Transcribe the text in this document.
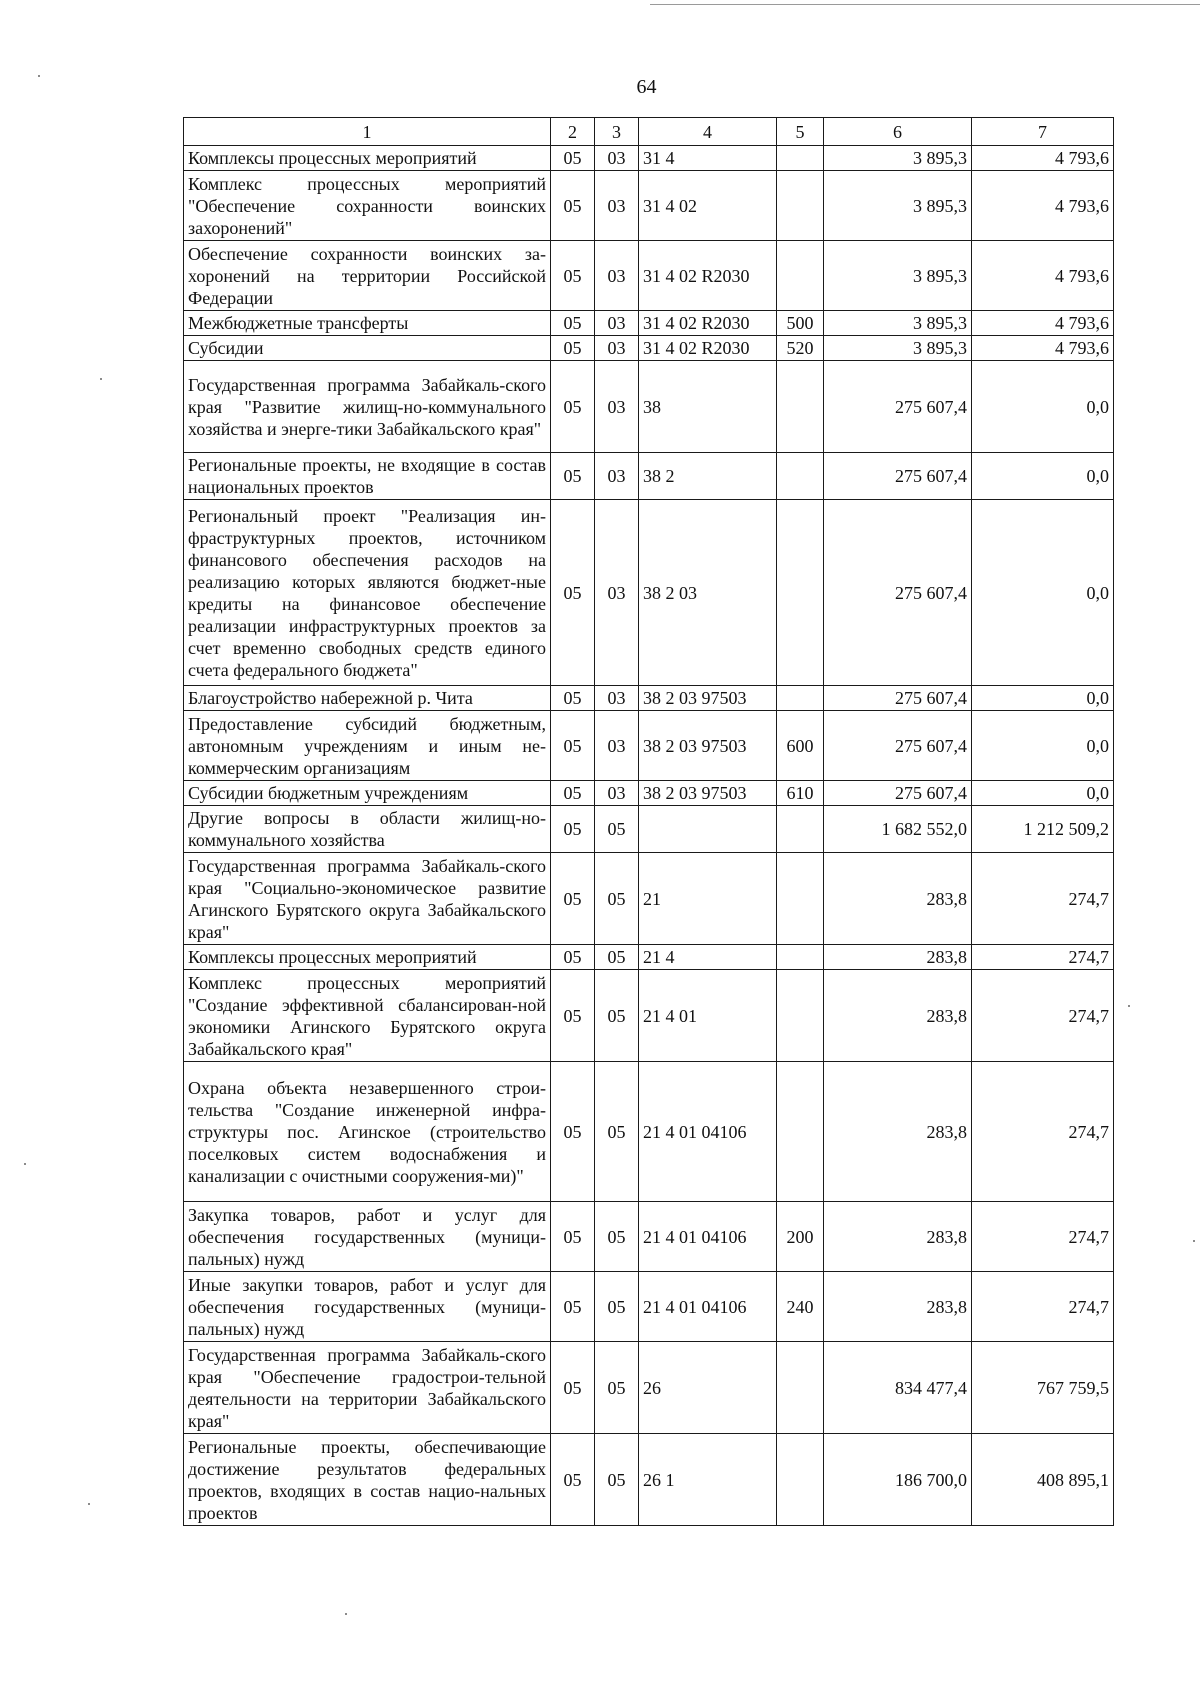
64
1	2	3	4	5	6	7
Комплексы процессных мероприятий	05	03	31 4		3 895,3	4 793,6
Комплекс процессных мероприятий "Обеспечение сохранности воинских захоронений"	05	03	31 4 02		3 895,3	4 793,6
Обеспечение сохранности воинских за-хоронений на территории Российской Федерации	05	03	31 4 02 R2030		3 895,3	4 793,6
Межбюджетные трансферты	05	03	31 4 02 R2030	500	3 895,3	4 793,6
Субсидии	05	03	31 4 02 R2030	520	3 895,3	4 793,6
Государственная программа Забайкаль-ского края "Развитие жилищ-но-коммунального хозяйства и энерге-тики Забайкальского края"	05	03	38		275 607,4	0,0
Региональные проекты, не входящие в состав национальных проектов	05	03	38 2		275 607,4	0,0
Региональный проект "Реализация ин-фраструктурных проектов, источником финансового обеспечения расходов на реализацию которых являются бюджет-ные кредиты на финансовое обеспечение реализации инфраструктурных проектов за счет временно свободных средств единого счета федерального бюджета"	05	03	38 2 03		275 607,4	0,0
Благоустройство набережной р. Чита	05	03	38 2 03 97503		275 607,4	0,0
Предоставление субсидий бюджетным, автономным учреждениям и иным не-коммерческим организациям	05	03	38 2 03 97503	600	275 607,4	0,0
Субсидии бюджетным учреждениям	05	03	38 2 03 97503	610	275 607,4	0,0
Другие вопросы в области жилищ-но-коммунального хозяйства	05	05			1 682 552,0	1 212 509,2
Государственная программа Забайкаль-ского края "Социально-экономическое развитие Агинского Бурятского округа Забайкальского края"	05	05	21		283,8	274,7
Комплексы процессных мероприятий	05	05	21 4		283,8	274,7
Комплекс процессных мероприятий "Создание эффективной сбалансирован-ной экономики Агинского Бурятского округа Забайкальского края"	05	05	21 4 01		283,8	274,7
Охрана объекта незавершенного строи-тельства "Создание инженерной инфра-структуры пос. Агинское (строительство поселковых систем водоснабжения и канализации с очистными сооружения-ми)"	05	05	21 4 01 04106		283,8	274,7
Закупка товаров, работ и услуг для обеспечения государственных (муници-пальных) нужд	05	05	21 4 01 04106	200	283,8	274,7
Иные закупки товаров, работ и услуг для обеспечения государственных (муници-пальных) нужд	05	05	21 4 01 04106	240	283,8	274,7
Государственная программа Забайкаль-ского края "Обеспечение градострои-тельной деятельности на территории Забайкальского края"	05	05	26		834 477,4	767 759,5
Региональные проекты, обеспечивающие достижение результатов федеральных проектов, входящих в состав нацио-нальных проектов	05	05	26 1		186 700,0	408 895,1
